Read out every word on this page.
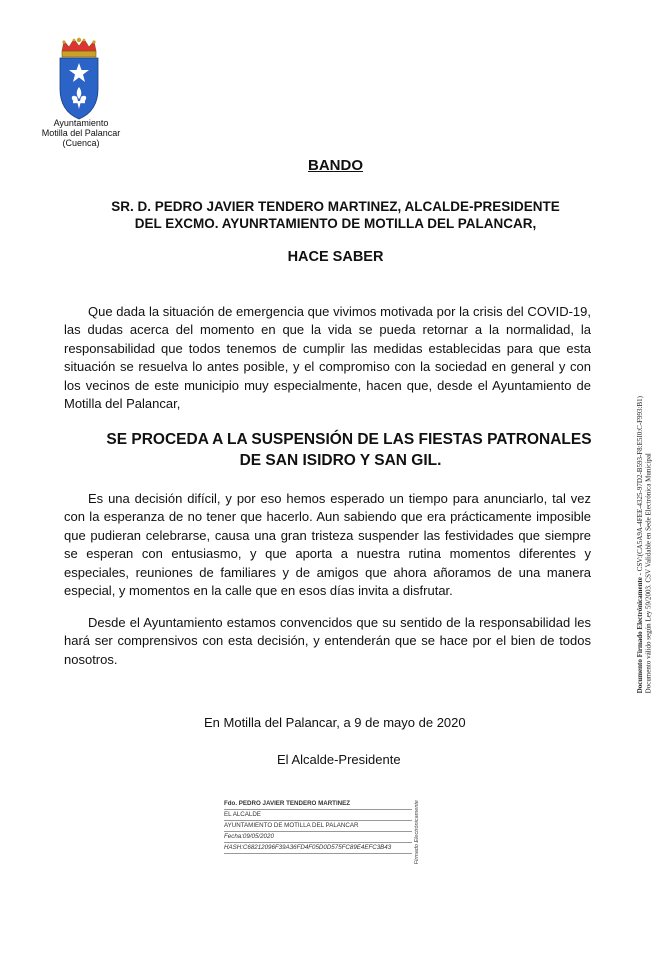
Ayuntamiento
Motilla del Palancar
(Cuenca)
BANDO
SR. D. PEDRO JAVIER TENDERO MARTINEZ, ALCALDE-PRESIDENTE
DEL EXCMO. AYUNRTAMIENTO DE MOTILLA DEL PALANCAR,
HACE SABER
Que dada la situación de emergencia que vivimos motivada por la crisis del COVID-19, las dudas acerca del momento en que la vida se pueda retornar a la normalidad, la responsabilidad que todos tenemos de cumplir las medidas establecidas para que esta situación se resuelva lo antes posible, y el compromiso con la sociedad en general y con los vecinos de este municipio muy especialmente, hacen que, desde el Ayuntamiento de Motilla del Palancar,
SE PROCEDA A LA SUSPENSIÓN DE LAS FIESTAS PATRONALES
DE SAN ISIDRO Y SAN GIL.
Es una decisión difícil, y por eso hemos esperado un tiempo para anunciarlo, tal vez con la esperanza de no tener que hacerlo. Aun sabiendo que era prácticamente imposible que pudieran celebrarse, causa una gran tristeza suspender las festividades que siempre se esperan con entusiasmo, y que aporta a nuestra rutina momentos diferentes y especiales, reuniones de familiares y de amigos que ahora añoramos de una manera especial, y momentos en la calle que en esos días invita a disfrutar.
Desde el Ayuntamiento estamos convencidos que su sentido de la responsabilidad les hará ser comprensivos con esta decisión, y entenderán que se hace por el bien de todos nosotros.
En Motilla del Palancar, a 9 de mayo de 2020
El Alcalde-Presidente
Fdo. PEDRO JAVIER TENDERO MARTINEZ
EL ALCALDE
AYUNTAMIENTO DE MOTILLA DEL PALANCAR
Fecha:09/05/2020
HASH:C68212096F39A36FD4F05D0D575FC89E4EFC3B43	Firmado Electrónicamente
Documento Firmado Electrónicamente - CSV:(CA5A9A-4FEE-4325-97D2-B593-F8:E5I0:C-F993:B1) Documento válido según Ley 59/2003. CSV Validable en Sede Electrónica Municipal
